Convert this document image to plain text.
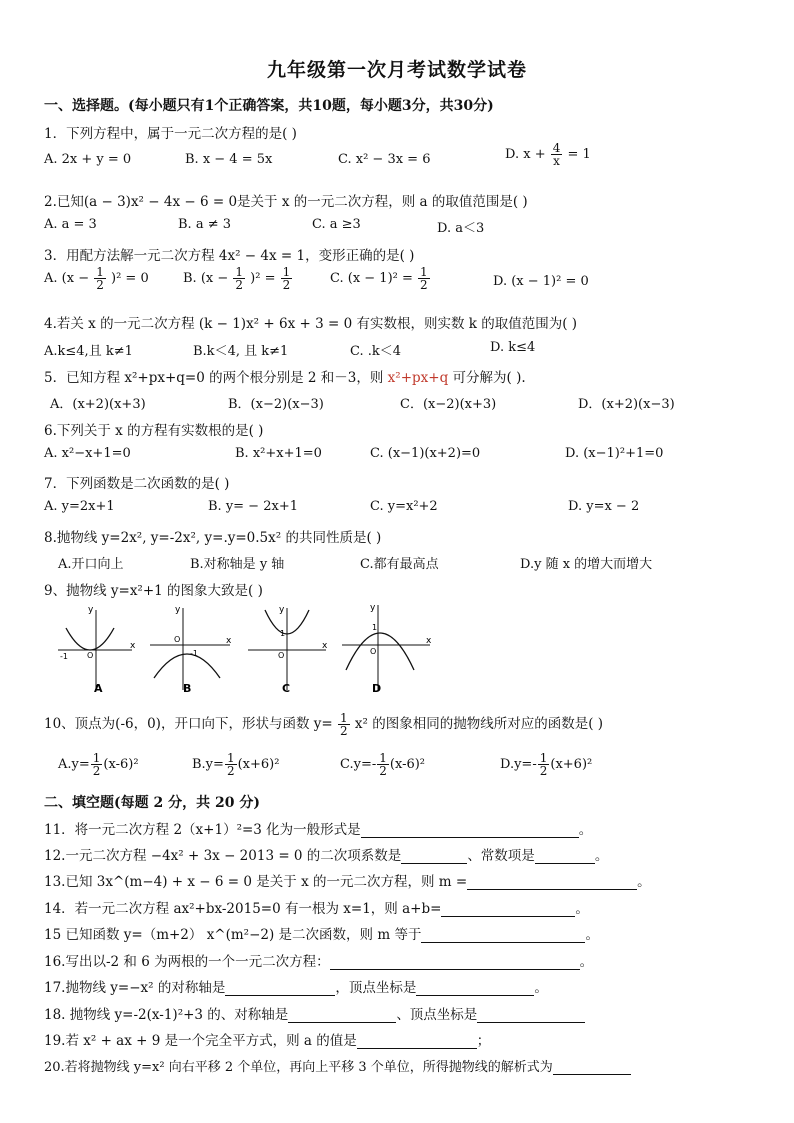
九年级第一次月考试数学试卷
一、选择题。(每小题只有1个正确答案，共10题，每小题3分，共30分)
1．下列方程中，属于一元二次方程的是( )
A. 2x + y = 0	B. x − 4 = 5x	C. x² − 3x = 6	D. $x + \frac{4}{x} = 1$
2.已知(a − 3)x² − 4x − 6 = 0是关于 x 的一元二次方程，则 a 的取值范围是( )
A. a = 3	B. a ≠ 3	C. a ≥3	D. a＜3
3．用配方法解一元二次方程 4x² − 4x = 1，变形正确的是( )
A. $(x - \frac{1}{2} )^2 = 0$	B. $(x - \frac{1}{2} )^2 = \frac{1}{2}$	C. $(x - 1)^2 = \frac{1}{2}$	D. (x − 1)² = 0
4.若关 x 的一元二次方程 (k − 1)x² + 6x + 3 = 0 有实数根，则实数 k 的取值范围为( )
A.k≤4,且 k≠1	B.k＜4, 且 k≠1	C. .k＜4	D. k≤4
5．已知方程 x²+px+q=0 的两个根分别是 2 和－3，则 x²+px+q 可分解为( ).
A．(x+2)(x+3)	B．(x−2)(x−3)	C．(x−2)(x+3)	D．(x+2)(x−3)
6.下列关于 x 的方程有实数根的是( )
A. x²−x+1=0	B. x²+x+1=0	C. (x−1)(x+2)=0	D. (x−1)²+1=0
7．下列函数是二次函数的是( )
A. y=2x+1	B. y= − 2x+1	C. y=x²+2	D. y=x − 2
8.抛物线 y=2x², y=-2x², y=.y=0.5x² 的共同性质是( )
A.开口向上	B.对称轴是 y 轴	C.都有最高点	D.y 随 x 的增大而增大
9、抛物线 y=x²+1 的图象大致是( )
y
x
O
-1
A
y
x
O
-1
B
y
x
O
1
C
y
x
O
1
D
10、顶点为(-6，0)，开口向下，形状与函数 $y= \frac{1}{2} x^2$ 的图象相同的抛物线所对应的函数是( )
$A.y= \frac{1}{2} (x-6)^2$	$B.y= \frac{1}{2} (x+6)^2$	$C.y=- \frac{1}{2} (x-6)^2$	$D.y=- \frac{1}{2} (x+6)^2$
二、填空题(每题 2 分，共 20 分)
11．将一元二次方程 2（x+1）²=3 化为一般形式是	。
12.一元二次方程 −4x² + 3x − 2013 = 0 的二次项系数是	、常数项是	。
13.已知 3x^(m−4) + x − 6 = 0 是关于 x 的一元二次方程，则 m =	。
14．若一元二次方程 ax²+bx-2015=0 有一根为 x=1，则 a+b=	。
15 已知函数 y=（m+2） x^(m²−2) 是二次函数，则 m 等于	。
16.写出以-2 和 6 为两根的一个一元二次方程：	。
17.抛物线 y=−x² 的对称轴是	，顶点坐标是	。
18. 抛物线 y=-2(x-1)²+3 的、对称轴是	、顶点坐标是
19.若 x² + ax + 9 是一个完全平方式，则 a 的值是	；
20.若将抛物线 y=x² 向右平移 2 个单位，再向上平移 3 个单位，所得抛物线的解析式为
